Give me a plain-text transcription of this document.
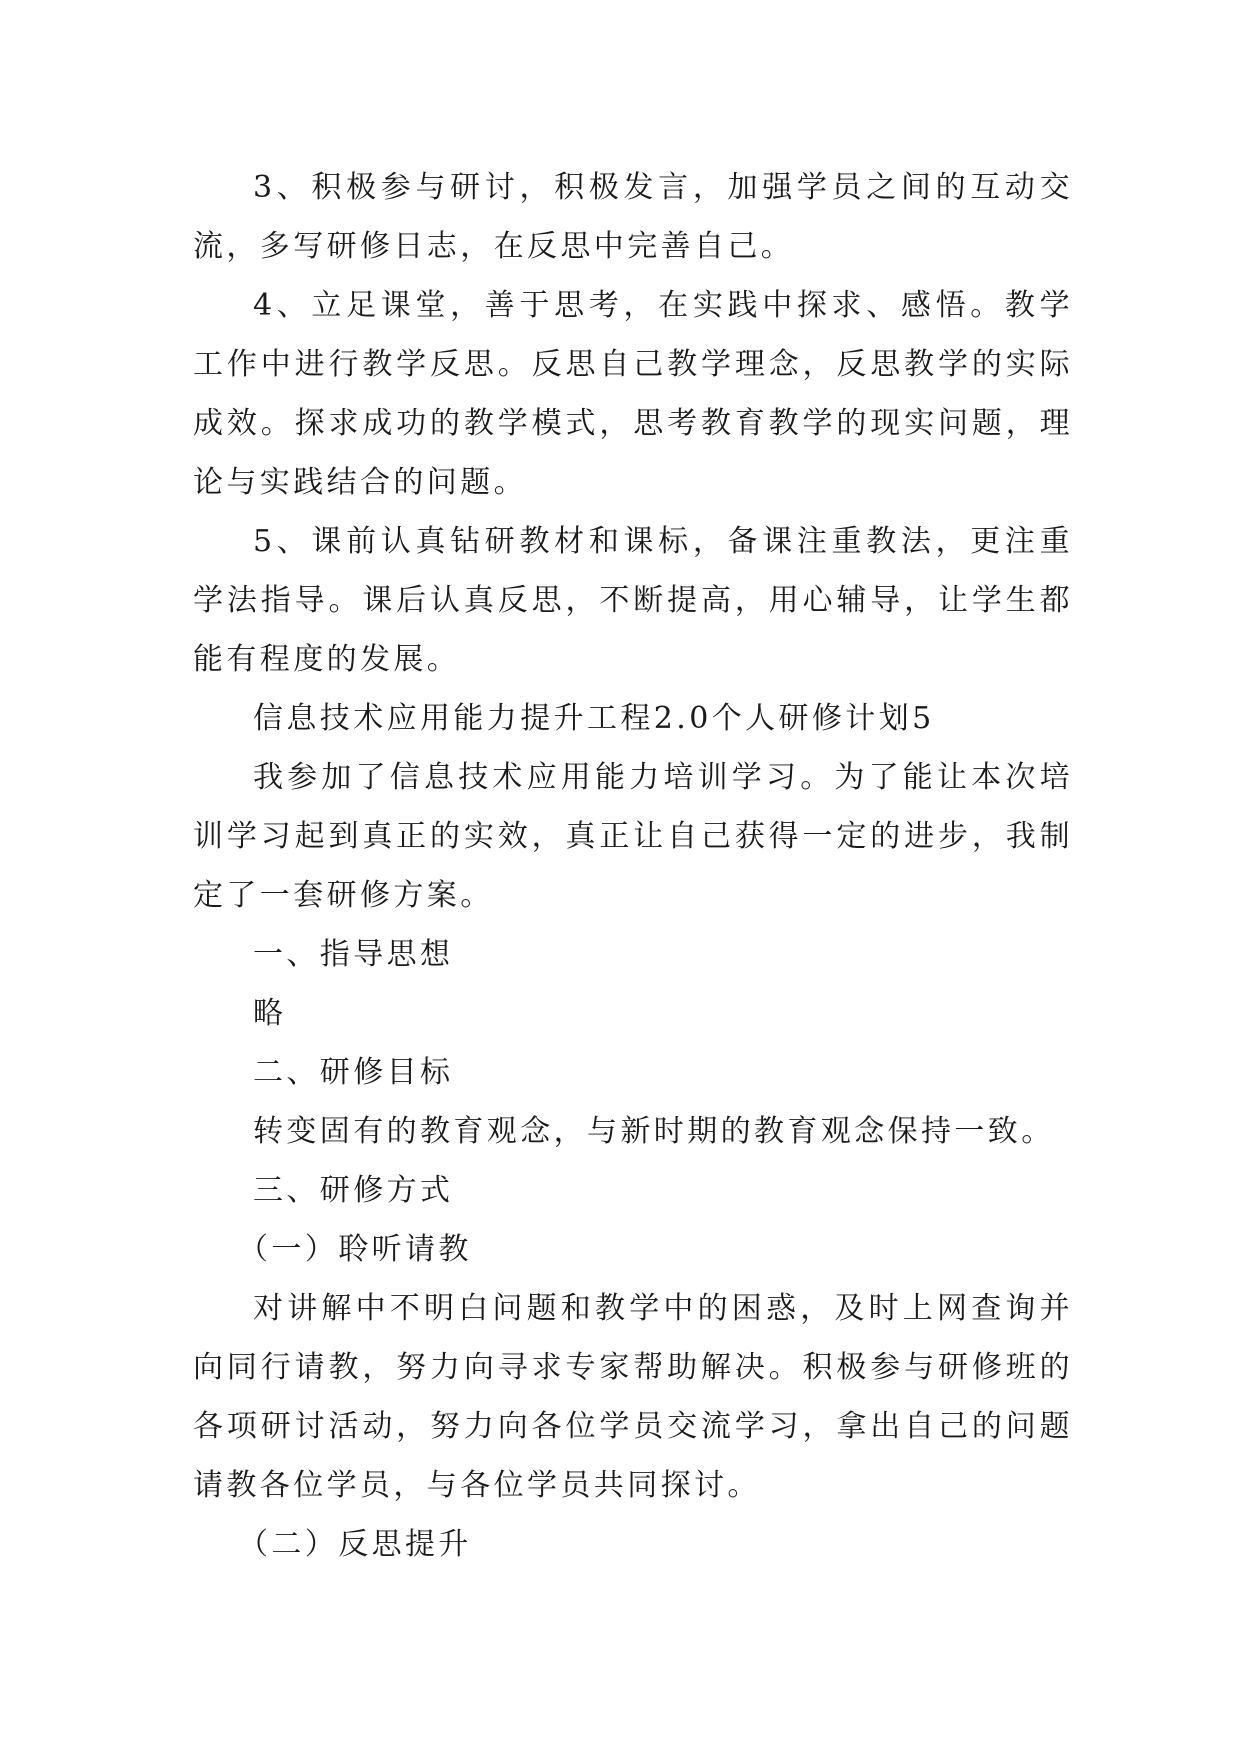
3、积极参与研讨，积极发言，加强学员之间的互动交流，多写研修日志，在反思中完善自己。

4、立足课堂，善于思考，在实践中探求、感悟。教学工作中进行教学反思。反思自己教学理念，反思教学的实际成效。探求成功的教学模式，思考教育教学的现实问题，理论与实践结合的问题。

5、课前认真钻研教材和课标，备课注重教法，更注重学法指导。课后认真反思，不断提高，用心辅导，让学生都能有程度的发展。

信息技术应用能力提升工程2.0个人研修计划5

我参加了信息技术应用能力培训学习。为了能让本次培训学习起到真正的实效，真正让自己获得一定的进步，我制定了一套研修方案。

一、指导思想

略

二、研修目标

转变固有的教育观念，与新时期的教育观念保持一致。

三、研修方式

（一）聆听请教

对讲解中不明白问题和教学中的困惑，及时上网查询并向同行请教，努力向寻求专家帮助解决。积极参与研修班的各项研讨活动，努力向各位学员交流学习，拿出自己的问题请教各位学员，与各位学员共同探讨。

（二）反思提升
